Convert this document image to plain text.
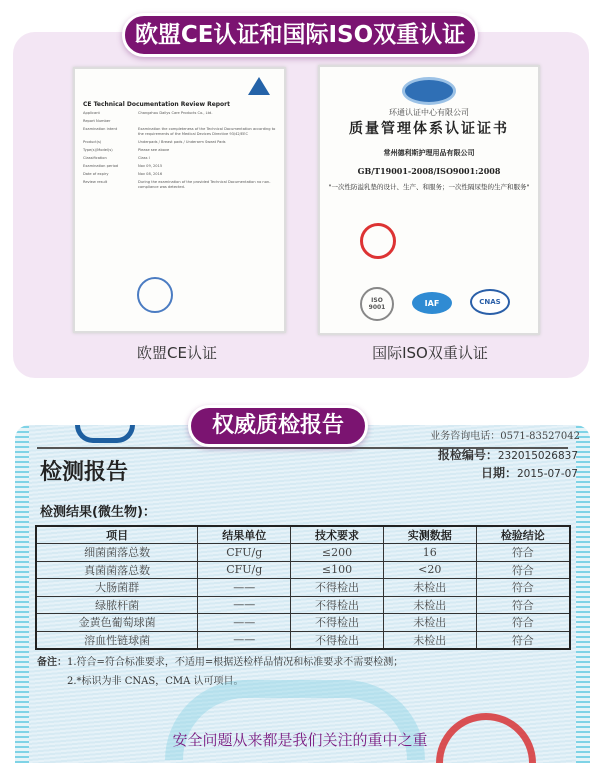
欧盟CE认证和国际ISO双重认证
CE Technical Documentation Review Report
Applicant	Changzhou Dailys Care Products Co., Ltd.
Report Number
Examination intent	Examination the completeness of the Technical Documentation according to the requirements of the Medical Devices Directive 93/42/EEC
Product(s)	Underpads / Breast pads / Underarm Sweat Pads
Type(s)/Model(s)	Please see above
Classification	Class I
Examination period	Nov 09, 2015
Date of expiry	Nov 08, 2016
Review result	During the examination of the provided Technical Documentation no non-compliance was detected.
欧盟CE认证
环通认证中心有限公司
质量管理体系认证证书
常州德利斯护理用品有限公司
GB/T19001-2008/ISO9001:2008
"一次性防溢乳垫的设计、生产、和服务；一次性隔尿垫的生产和服务"
ISO 9001	IAF	CNAS
国际ISO双重认证
权威质检报告	业务咨询电话：0571-83527042
检测报告
报检编号：232015026837
日期：2015-07-07
检测结果(微生物)：
项目	结果单位	技术要求	实测数据	检验结论
细菌菌落总数	CFU/g	≤200	16	符合
真菌菌落总数	CFU/g	≤100	<20	符合
大肠菌群	——	不得检出	未检出	符合
绿脓杆菌	——	不得检出	未检出	符合
金黄色葡萄球菌	——	不得检出	未检出	符合
溶血性链球菌	——	不得检出	未检出	符合
备注：1.符合=符合标准要求，不适用=根据送检样品情况和标准要求不需要检测；
2.*标识为非 CNAS，CMA 认可项目。
安全问题从来都是我们关注的重中之重
